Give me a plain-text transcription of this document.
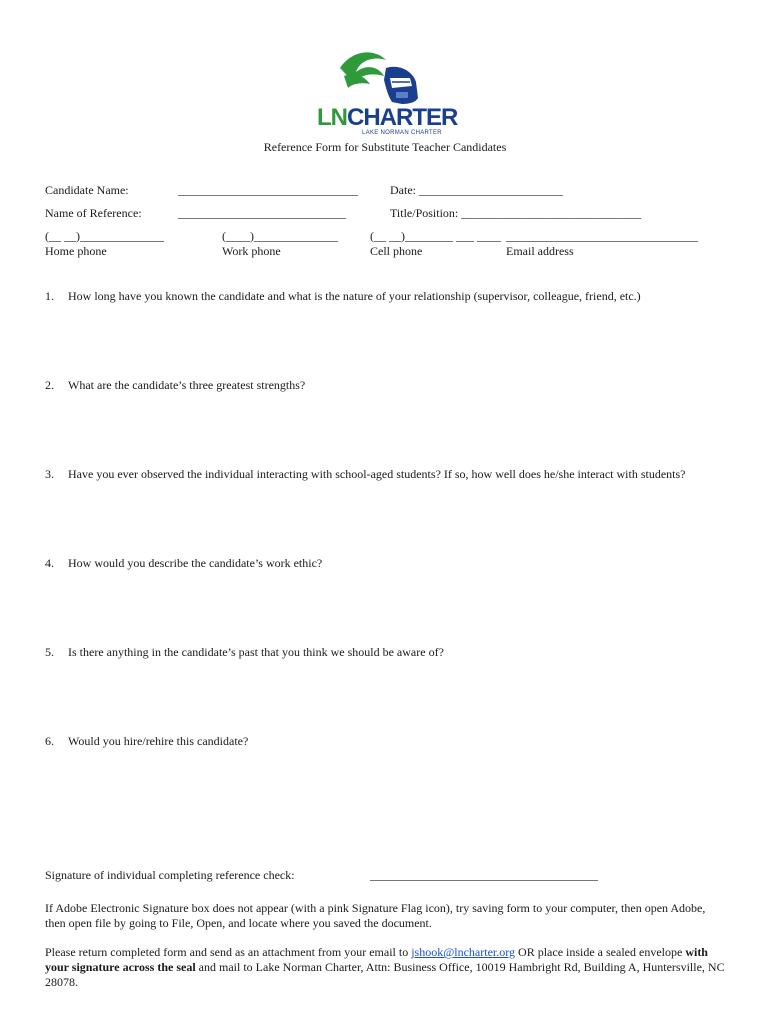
LNCHARTER
LAKE NORMAN CHARTER
Reference Form for Substitute Teacher Candidates
Candidate Name:	______________________________	Date: ________________________
Name of Reference:	____________________________	Title/Position: ______________________________
(__ __)______________	(____)______________	(__ __)________ ___ ____ ________________________________
Home phone	Work phone	Cell phone	Email address
1. How long have you known the candidate and what is the nature of your relationship (supervisor, colleague, friend, etc.)
2. What are the candidate’s three greatest strengths?
3. Have you ever observed the individual interacting with school-aged students? If so, how well does he/she interact with students?
4. How would you describe the candidate’s work ethic?
5. Is there anything in the candidate’s past that you think we should be aware of?
6. Would you hire/rehire this candidate?
Signature of individual completing reference check:	______________________________________
If Adobe Electronic Signature box does not appear (with a pink Signature Flag icon), try saving form to your computer, then open Adobe, then open file by going to File, Open, and locate where you saved the document.
Please return completed form and send as an attachment from your email to jshook@lncharter.org OR place inside a sealed envelope with your signature across the seal and mail to Lake Norman Charter, Attn: Business Office, 10019 Hambright Rd, Building A, Huntersville, NC 28078.
